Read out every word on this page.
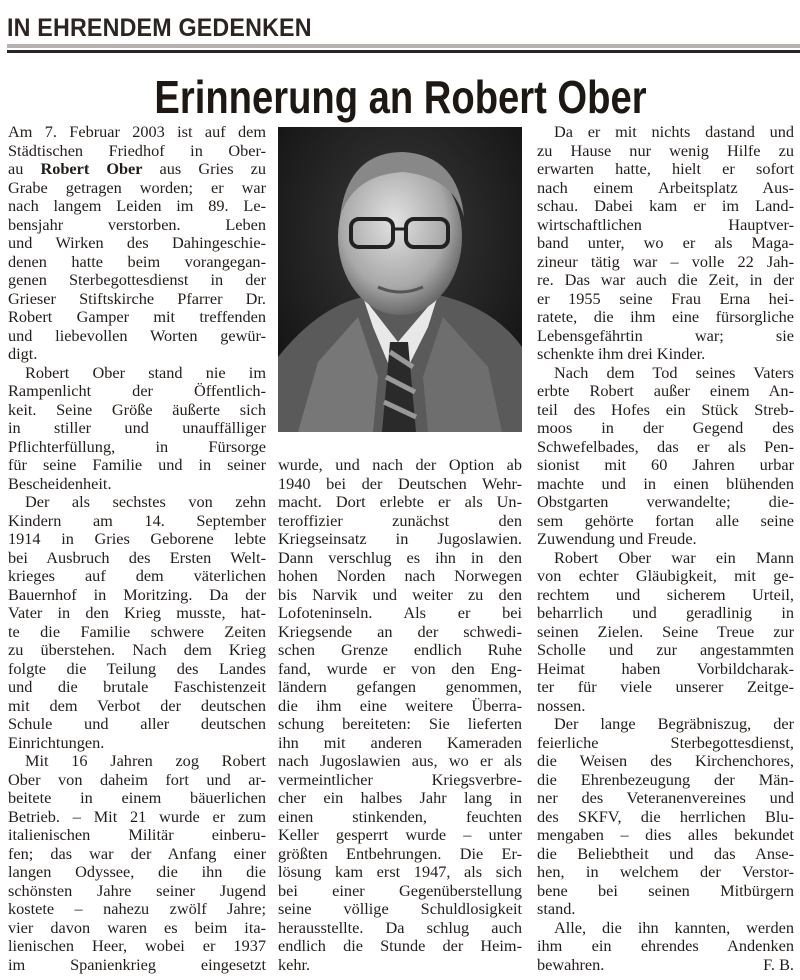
IN EHRENDEM GEDENKEN
Erinnerung an Robert Ober
Am 7. Februar 2003 ist auf dem
Städtischen Friedhof in Ober-
au Robert Ober aus Gries zu
Grabe getragen worden; er war
nach langem Leiden im 89. Le-
bensjahr verstorben. Leben
und Wirken des Dahingeschie-
denen hatte beim vorangegan-
genen Sterbegottesdienst in der
Grieser Stiftskirche Pfarrer Dr.
Robert Gamper mit treffenden
und liebevollen Worten gewür-
digt.
Robert Ober stand nie im
Rampenlicht der Öffentlich-
keit. Seine Größe äußerte sich
in stiller und unauffälliger
Pflichterfüllung, in Fürsorge
für seine Familie und in seiner
Bescheidenheit.
Der als sechstes von zehn
Kindern am 14. September
1914 in Gries Geborene lebte
bei Ausbruch des Ersten Welt-
krieges auf dem väterlichen
Bauernhof in Moritzing. Da der
Vater in den Krieg musste, hat-
te die Familie schwere Zeiten
zu überstehen. Nach dem Krieg
folgte die Teilung des Landes
und die brutale Faschistenzeit
mit dem Verbot der deutschen
Schule und aller deutschen
Einrichtungen.
Mit 16 Jahren zog Robert
Ober von daheim fort und ar-
beitete in einem bäuerlichen
Betrieb. – Mit 21 wurde er zum
italienischen Militär einberu-
fen; das war der Anfang einer
langen Odyssee, die ihn die
schönsten Jahre seiner Jugend
kostete – nahezu zwölf Jahre;
vier davon waren es beim ita-
lienischen Heer, wobei er 1937
im Spanienkrieg eingesetzt
wurde, und nach der Option ab
1940 bei der Deutschen Wehr-
macht. Dort erlebte er als Un-
teroffizier zunächst den
Kriegseinsatz in Jugoslawien.
Dann verschlug es ihn in den
hohen Norden nach Norwegen
bis Narvik und weiter zu den
Lofoteninseln. Als er bei
Kriegsende an der schwedi-
schen Grenze endlich Ruhe
fand, wurde er von den Eng-
ländern gefangen genommen,
die ihm eine weitere Überra-
schung bereiteten: Sie lieferten
ihn mit anderen Kameraden
nach Jugoslawien aus, wo er als
vermeintlicher Kriegsverbre-
cher ein halbes Jahr lang in
einen stinkenden, feuchten
Keller gesperrt wurde – unter
größten Entbehrungen. Die Er-
lösung kam erst 1947, als sich
bei einer Gegenüberstellung
seine völlige Schuldlosigkeit
herausstellte. Da schlug auch
endlich die Stunde der Heim-
kehr.
Da er mit nichts dastand und
zu Hause nur wenig Hilfe zu
erwarten hatte, hielt er sofort
nach einem Arbeitsplatz Aus-
schau. Dabei kam er im Land-
wirtschaftlichen Hauptver-
band unter, wo er als Maga-
zineur tätig war – volle 22 Jah-
re. Das war auch die Zeit, in der
er 1955 seine Frau Erna hei-
ratete, die ihm eine fürsorgliche
Lebensgefährtin war; sie
schenkte ihm drei Kinder.
Nach dem Tod seines Vaters
erbte Robert außer einem An-
teil des Hofes ein Stück Streb-
moos in der Gegend des
Schwefelbades, das er als Pen-
sionist mit 60 Jahren urbar
machte und in einen blühenden
Obstgarten verwandelte; die-
sem gehörte fortan alle seine
Zuwendung und Freude.
Robert Ober war ein Mann
von echter Gläubigkeit, mit ge-
rechtem und sicherem Urteil,
beharrlich und geradlinig in
seinen Zielen. Seine Treue zur
Scholle und zur angestammten
Heimat haben Vorbildcharak-
ter für viele unserer Zeitge-
nossen.
Der lange Begräbniszug, der
feierliche Sterbegottesdienst,
die Weisen des Kirchenchores,
die Ehrenbezeugung der Män-
ner des Veteranenvereines und
des SKFV, die herrlichen Blu-
mengaben – dies alles bekundet
die Beliebtheit und das Anse-
hen, in welchem der Verstor-
bene bei seinen Mitbürgern
stand.
Alle, die ihn kannten, werden
ihm ein ehrendes Andenken
bewahren.	F. B.
